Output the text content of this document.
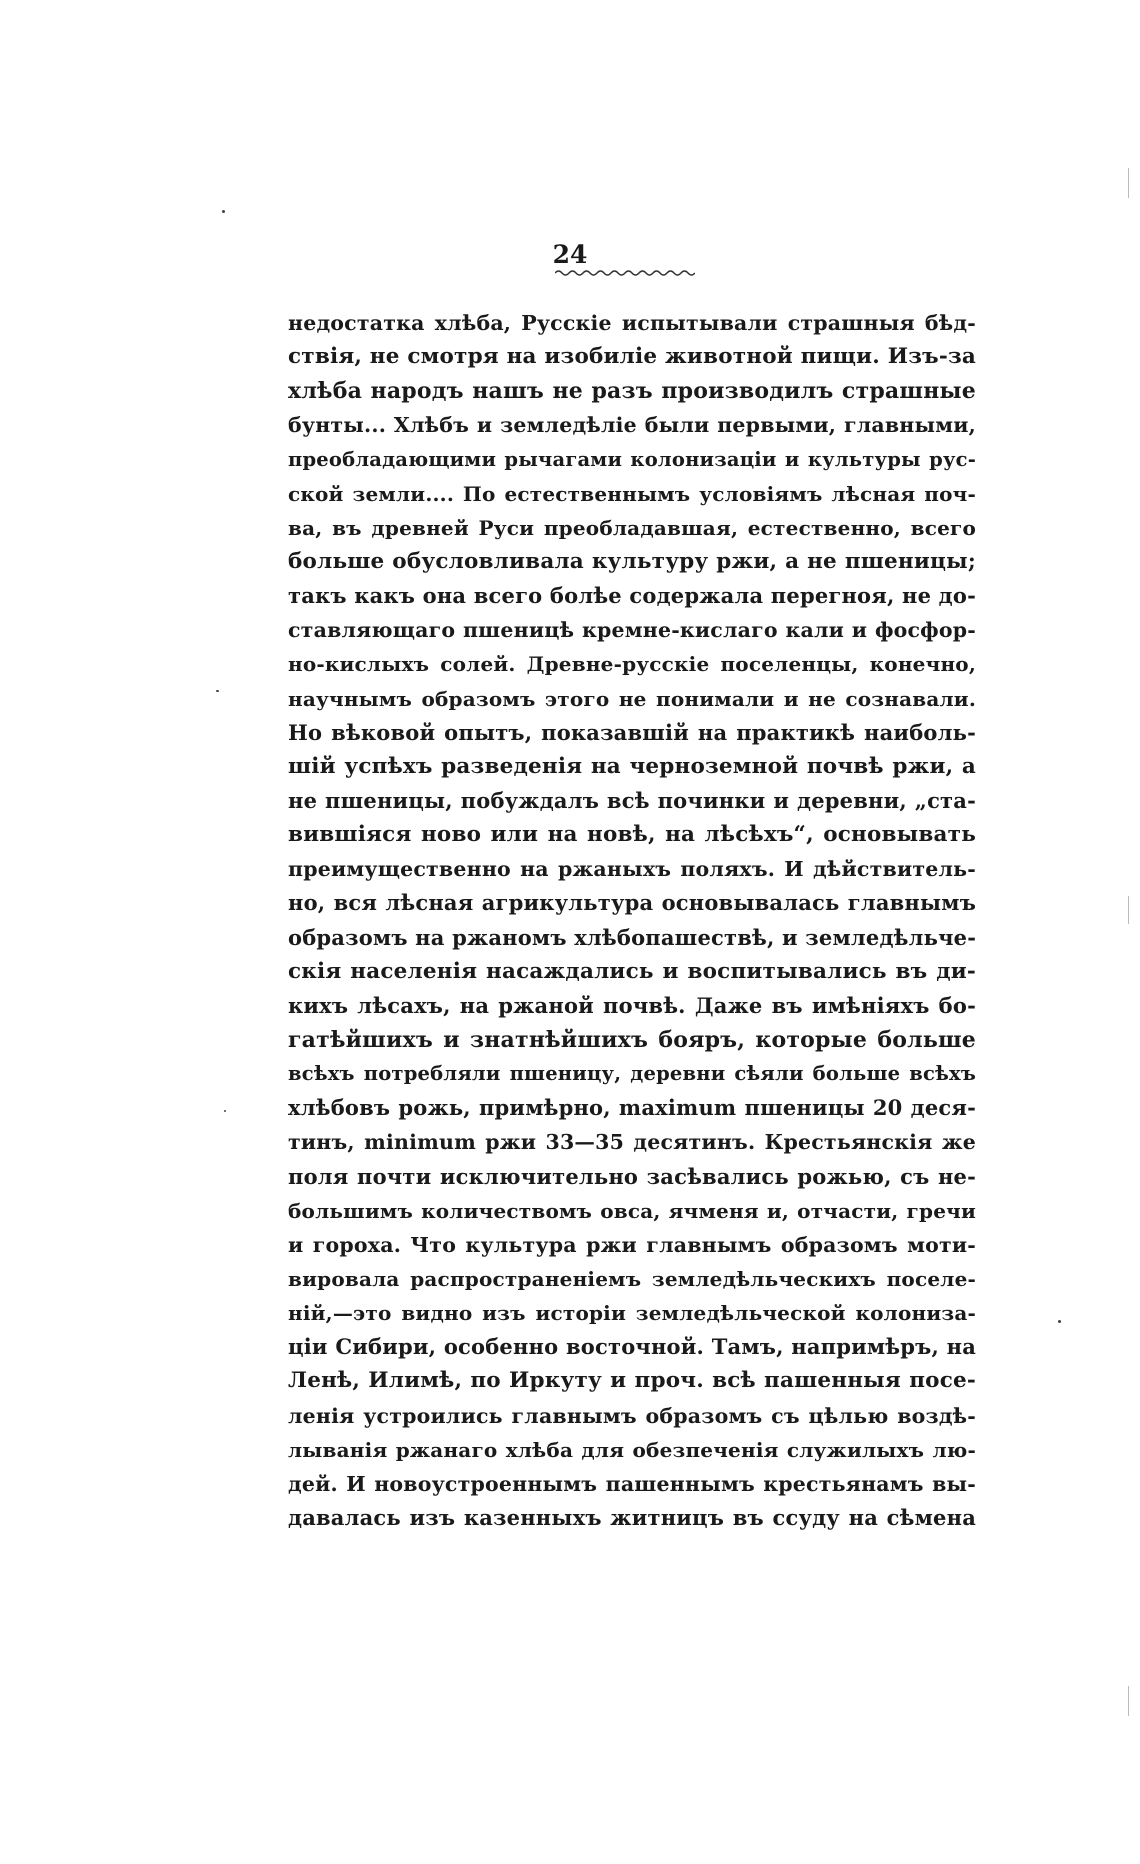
24
недостатка хлѣба, Русскіе испытывали страшныя бѣд-
ствія, не смотря на изобиліе животной пищи. Изъ-за
хлѣба народъ нашъ не разъ производилъ страшные
бунты... Хлѣбъ и земледѣліе были первыми, главными,
преобладающими рычагами колонизаціи и культуры рус-
ской земли.... По естественнымъ условіямъ лѣсная поч-
ва, въ древней Руси преобладавшая, естественно, всего
больше обусловливала культуру ржи, а не пшеницы;
такъ какъ она всего болѣе содержала перегноя, не до-
ставляющаго пшеницѣ кремне-кислаго кали и фосфор-
но-кислыхъ солей. Древне-русскіе поселенцы, конечно,
научнымъ образомъ этого не понимали и не сознавали.
Но вѣковой опытъ, показавшій на практикѣ наиболь-
шій успѣхъ разведенія на черноземной почвѣ ржи, а
не пшеницы, побуждалъ всѣ починки и деревни, „ста-
вившіяся ново или на новѣ, на лѣсѣхъ“, основывать
преимущественно на ржаныхъ поляхъ. И дѣйствитель-
но, вся лѣсная агрикультура основывалась главнымъ
образомъ на ржаномъ хлѣбопашествѣ, и земледѣльче-
скія населенія насаждались и воспитывались въ ди-
кихъ лѣсахъ, на ржаной почвѣ. Даже въ имѣніяхъ бо-
гатѣйшихъ и знатнѣйшихъ бояръ, которые больше
всѣхъ потребляли пшеницу, деревни сѣяли больше всѣхъ
хлѣбовъ рожь, примѣрно, maximum пшеницы 20 деся-
тинъ, minimum ржи 33—35 десятинъ. Крестьянскія же
поля почти исключительно засѣвались рожью, съ не-
большимъ количествомъ овса, ячменя и, отчасти, гречи
и гороха. Что культура ржи главнымъ образомъ моти-
вировала распространеніемъ земледѣльческихъ поселе-
ній,—это видно изъ исторіи земледѣльческой колонизa-
ціи Сибири, особенно восточной. Тамъ, напримѣръ, на
Ленѣ, Илимѣ, по Иркуту и проч. всѣ пашенныя посе-
ленія устроились главнымъ образомъ съ цѣлью воздѣ-
лыванія ржанаго хлѣба для обезпеченія служилыхъ лю-
дей. И новоустроеннымъ пашеннымъ крестьянамъ вы-
давалась изъ казенныхъ житницъ въ ссуду на сѣмена
